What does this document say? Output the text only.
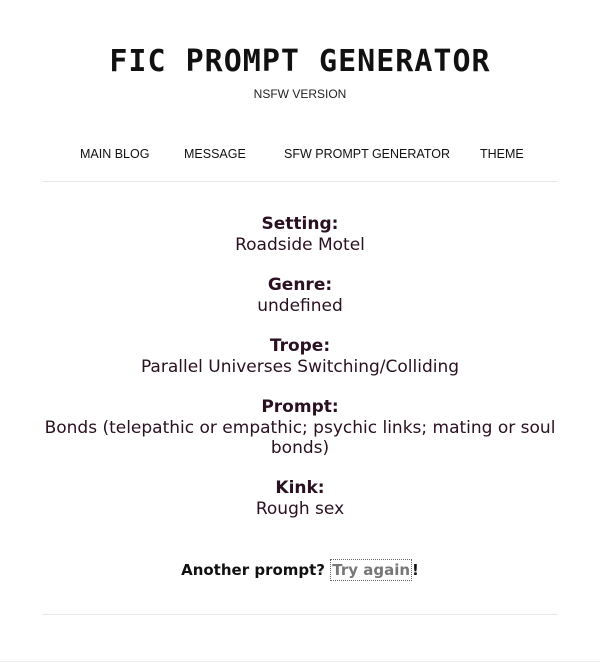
FIC PROMPT GENERATOR
NSFW VERSION
MAIN BLOG	MESSAGE	SFW PROMPT GENERATOR THEME
Setting:
Roadside Motel
Genre:
undefined
Trope:
Parallel Universes Switching/Colliding
Prompt:
Bonds (telepathic or empathic; psychic links; mating or soul bonds)
Kink:
Rough sex
Another prompt? Try again !
